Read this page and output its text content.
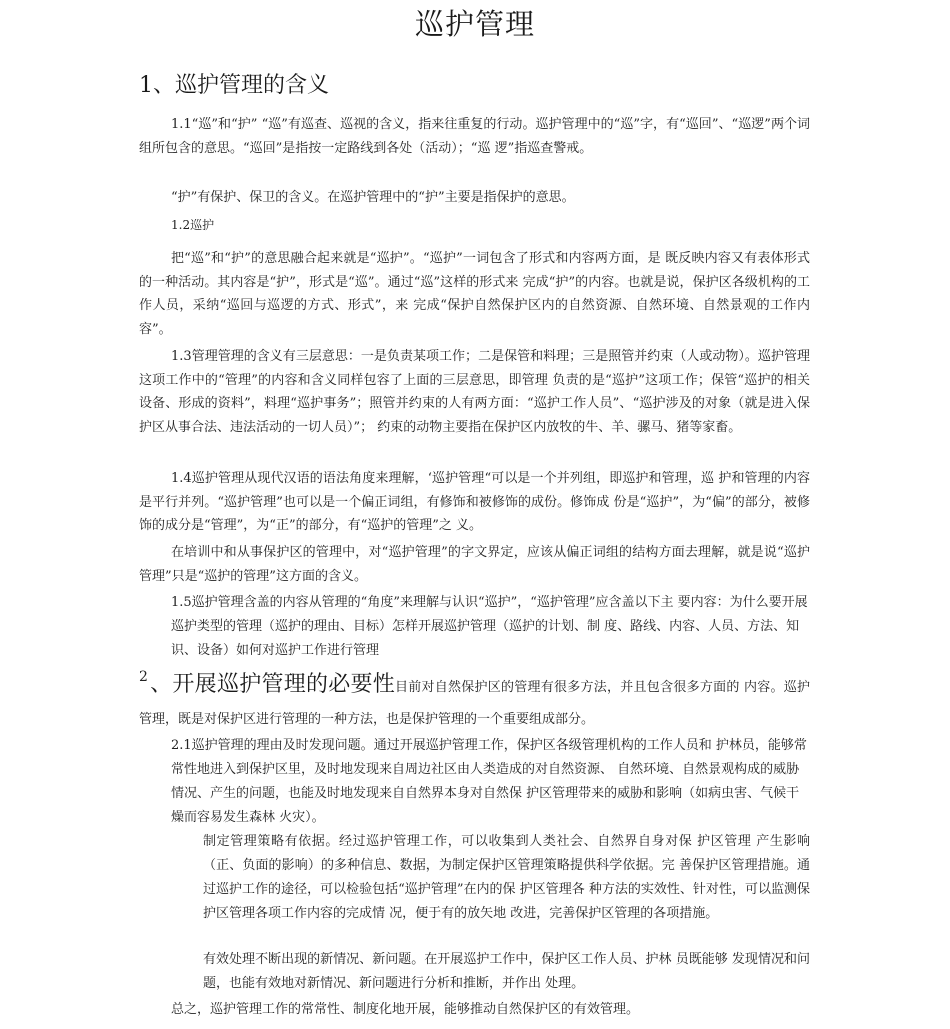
巡护管理
1、巡护管理的含义

1.1“巡”和“护” “巡”有巡查、巡视的含义，指来往重复的行动。巡护管理中的“巡”字，有“巡回”、“巡逻”两个词组所包含的意思。“巡回”是指按一定路线到各处（活动）；“巡 逻”指巡查警戒。

“护”有保护、保卫的含义。在巡护管理中的“护”主要是指保护的意思。

1.2巡护

把“巡”和“护”的意思融合起来就是“巡护”。“巡护”一词包含了形式和内容两方面，是 既反映内容又有表体形式的一种活动。其内容是“护”，形式是“巡”。通过“巡”这样的形式来 完成“护”的内容。也就是说，保护区各级机构的工作人员，采纳“巡回与巡逻的方式、形式”，来 完成“保护自然保护区内的自然资源、自然环境、自然景观的工作内容”。

1.3管理管理的含义有三层意思：一是负责某项工作；二是保管和料理；三是照管并约束（人或动物）。巡护管理这项工作中的“管理”的内容和含义同样包容了上面的三层意思，即管理 负责的是“巡护”这项工作；保管“巡护的相关设备、形成的资料”，料理“巡护事务”；照管并约束的人有两方面：“巡护工作人员”、“巡护涉及的对象（就是进入保护区从事合法、违法活动的一切人员）”； 约束的动物主要指在保护区内放牧的牛、羊、骡马、猪等家畜。

1.4巡护管理从现代汉语的语法角度来理解，‘巡护管理“可以是一个并列组，即巡护和管理，巡 护和管理的内容是平行并列。“巡护管理”也可以是一个偏正词组，有修饰和被修饰的成份。修饰成 份是“巡护”，为“偏”的部分，被修饰的成分是“管理”，为“正”的部分，有“巡护的管理”之 义。

在培训中和从事保护区的管理中，对“巡护管理”的字文界定，应该从偏正词组的结构方面去理解，就是说“巡护管理”只是“巡护的管理”这方面的含义。

1.5巡护管理含盖的内容从管理的“角度”来理解与认识“巡护”，“巡护管理”应含盖以下主 要内容：为什么要开展巡护类型的管理（巡护的理由、目标）怎样开展巡护管理（巡护的计划、制 度、路线、内容、人员、方法、知识、设备）如何对巡护工作进行管理

2、开展巡护管理的必要性目前对自然保护区的管理有很多方法，并且包含很多方面的 内容。巡护管理，既是对保护区进行管理的一种方法，也是保护管理的一个重要组成部分。

2.1巡护管理的理由及时发现问题。通过开展巡护管理工作，保护区各级管理机构的工作人员和 护林员，能够常常性地进入到保护区里，及时地发现来自周边社区由人类造成的对自然资源、 自然环境、自然景观构成的威胁情况、产生的问题，也能及时地发现来自自然界本身对自然保 护区管理带来的威胁和影响（如病虫害、气候干燥而容易发生森林 火灾）。

制定管理策略有依据。经过巡护管理工作，可以收集到人类社会、自然界自身对保 护区管理 产生影响（正、负面的影响）的多种信息、数据，为制定保护区管理策略提供科学依据。完 善保护区管理措施。通过巡护工作的途径，可以检验包括“巡护管理”在内的保 护区管理各 种方法的实效性、针对性，可以监测保护区管理各项工作内容的完成情 况，便于有的放矢地 改进，完善保护区管理的各项措施。

有效处理不断出现的新情况、新问题。在开展巡护工作中，保护区工作人员、护林 员既能够 发现情况和问题，也能有效地对新情况、新问题进行分析和推断，并作出 处理。

总之，巡护管理工作的常常性、制度化地开展，能够推动自然保护区的有效管理。
